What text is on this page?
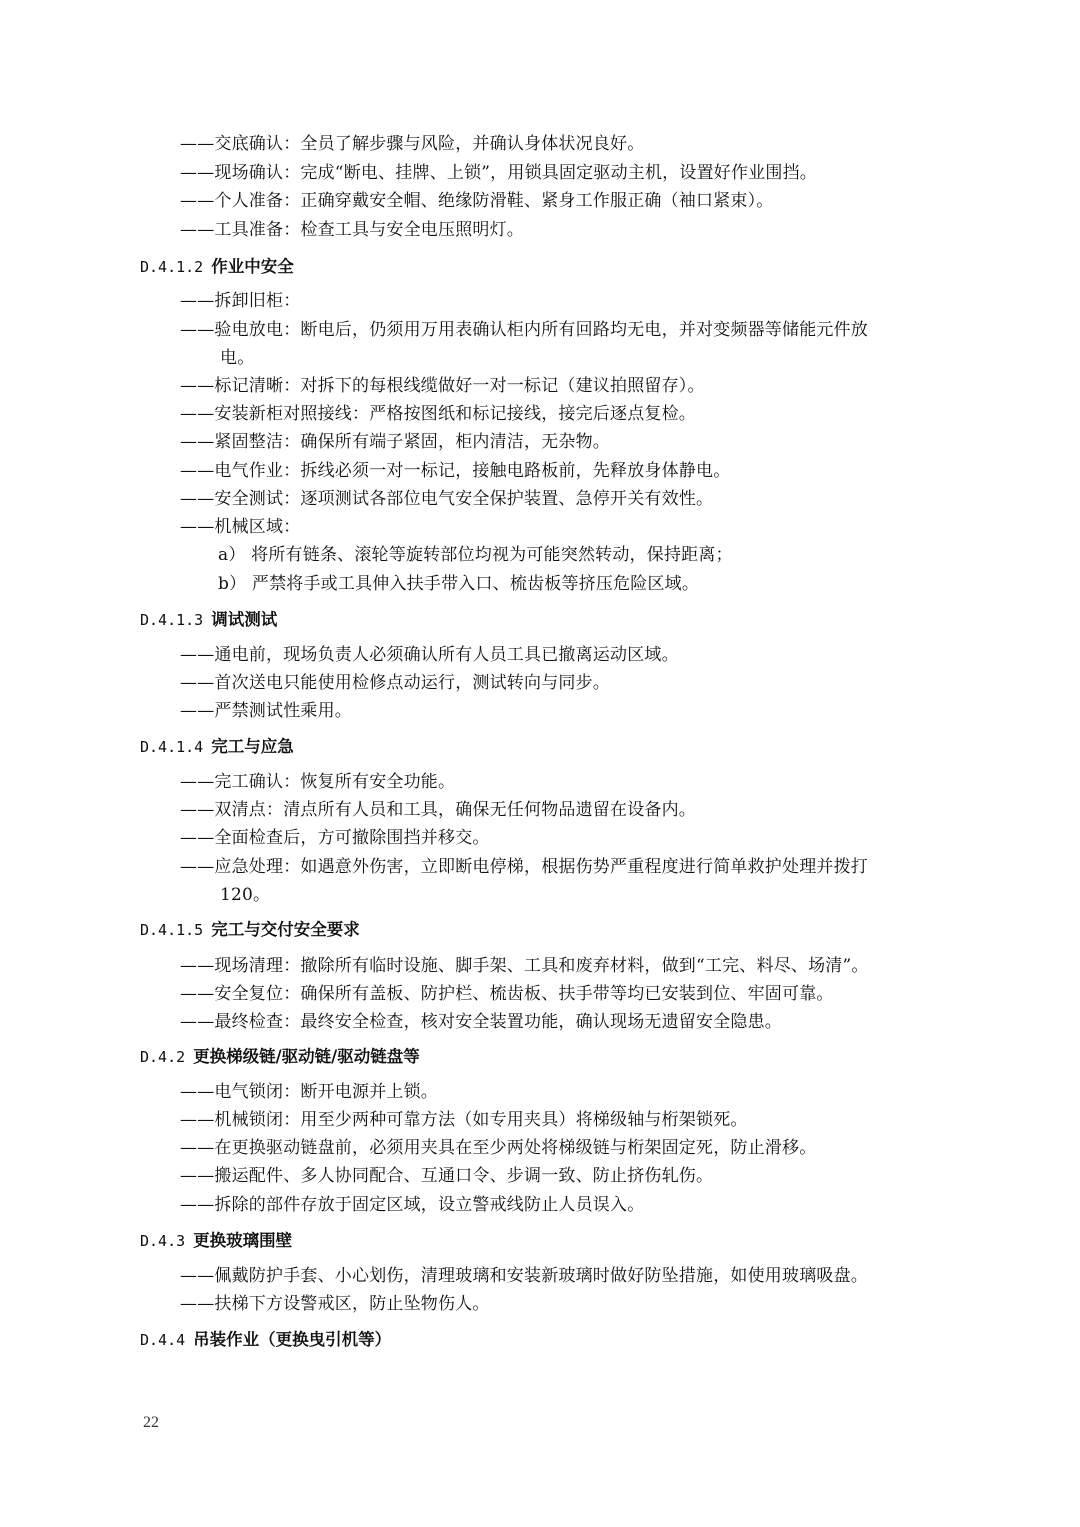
——交底确认：全员了解步骤与风险，并确认身体状况良好。
——现场确认：完成“断电、挂牌、上锁”，用锁具固定驱动主机，设置好作业围挡。
——个人准备：正确穿戴安全帽、绝缘防滑鞋、紧身工作服正确（袖口紧束）。
——工具准备：检查工具与安全电压照明灯。
D.4.1.2 作业中安全
——拆卸旧柜：
——验电放电：断电后，仍须用万用表确认柜内所有回路均无电，并对变频器等储能元件放
电。
——标记清晰：对拆下的每根线缆做好一对一标记（建议拍照留存）。
——安装新柜对照接线：严格按图纸和标记接线，接完后逐点复检。
——紧固整洁：确保所有端子紧固，柜内清洁，无杂物。
——电气作业：拆线必须一对一标记，接触电路板前，先释放身体静电。
——安全测试：逐项测试各部位电气安全保护装置、急停开关有效性。
——机械区域：
a） 将所有链条、滚轮等旋转部位均视为可能突然转动，保持距离；
b） 严禁将手或工具伸入扶手带入口、梳齿板等挤压危险区域。
D.4.1.3 调试测试
——通电前，现场负责人必须确认所有人员工具已撤离运动区域。
——首次送电只能使用检修点动运行，测试转向与同步。
——严禁测试性乘用。
D.4.1.4 完工与应急
——完工确认：恢复所有安全功能。
——双清点：清点所有人员和工具，确保无任何物品遗留在设备内。
——全面检查后，方可撤除围挡并移交。
——应急处理：如遇意外伤害，立即断电停梯，根据伤势严重程度进行简单救护处理并拨打
120。
D.4.1.5 完工与交付安全要求
——现场清理：撤除所有临时设施、脚手架、工具和废弃材料，做到“工完、料尽、场清”。
——安全复位：确保所有盖板、防护栏、梳齿板、扶手带等均已安装到位、牢固可靠。
——最终检查：最终安全检查，核对安全装置功能，确认现场无遗留安全隐患。
D.4.2 更换梯级链/驱动链/驱动链盘等
——电气锁闭：断开电源并上锁。
——机械锁闭：用至少两种可靠方法（如专用夹具）将梯级轴与桁架锁死。
——在更换驱动链盘前，必须用夹具在至少两处将梯级链与桁架固定死，防止滑移。
——搬运配件、多人协同配合、互通口令、步调一致、防止挤伤轧伤。
——拆除的部件存放于固定区域，设立警戒线防止人员误入。
D.4.3 更换玻璃围壁
——佩戴防护手套、小心划伤，清理玻璃和安装新玻璃时做好防坠措施，如使用玻璃吸盘。
——扶梯下方设警戒区，防止坠物伤人。
D.4.4 吊装作业（更换曳引机等）
22
